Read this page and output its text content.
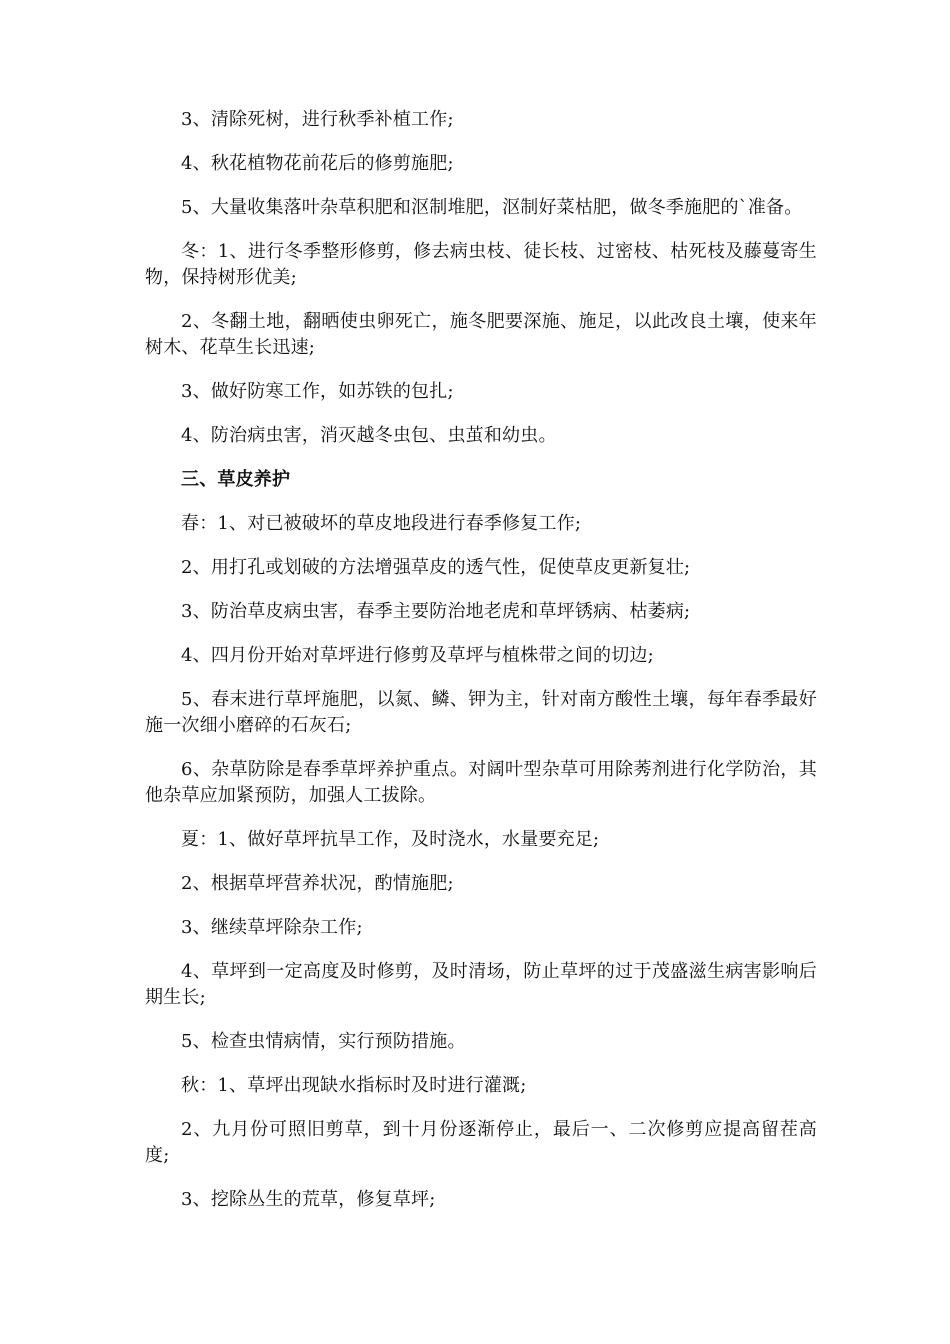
3、清除死树，进行秋季补植工作;

4、秋花植物花前花后的修剪施肥;

5、大量收集落叶杂草积肥和沤制堆肥，沤制好菜枯肥，做冬季施肥的`准备。

冬：1、进行冬季整形修剪，修去病虫枝、徒长枝、过密枝、枯死枝及藤蔓寄生物，保持树形优美;

2、冬翻土地，翻晒使虫卵死亡，施冬肥要深施、施足，以此改良土壤，使来年树木、花草生长迅速;

3、做好防寒工作，如苏铁的包扎;

4、防治病虫害，消灭越冬虫包、虫茧和幼虫。

三、草皮养护

春：1、对已被破坏的草皮地段进行春季修复工作;

2、用打孔或划破的方法增强草皮的透气性，促使草皮更新复壮;

3、防治草皮病虫害，春季主要防治地老虎和草坪锈病、枯萎病;

4、四月份开始对草坪进行修剪及草坪与植株带之间的切边;

5、春末进行草坪施肥，以氮、鳞、钾为主，针对南方酸性土壤，每年春季最好施一次细小磨碎的石灰石;

6、杂草防除是春季草坪养护重点。对阔叶型杂草可用除莠剂进行化学防治，其他杂草应加紧预防，加强人工拔除。

夏：1、做好草坪抗旱工作，及时浇水，水量要充足;

2、根据草坪营养状况，酌情施肥;

3、继续草坪除杂工作;

4、草坪到一定高度及时修剪，及时清场，防止草坪的过于茂盛滋生病害影响后期生长;

5、检查虫情病情，实行预防措施。

秋：1、草坪出现缺水指标时及时进行灌溉;

2、九月份可照旧剪草，到十月份逐渐停止，最后一、二次修剪应提高留茬高度;

3、挖除丛生的荒草，修复草坪;
